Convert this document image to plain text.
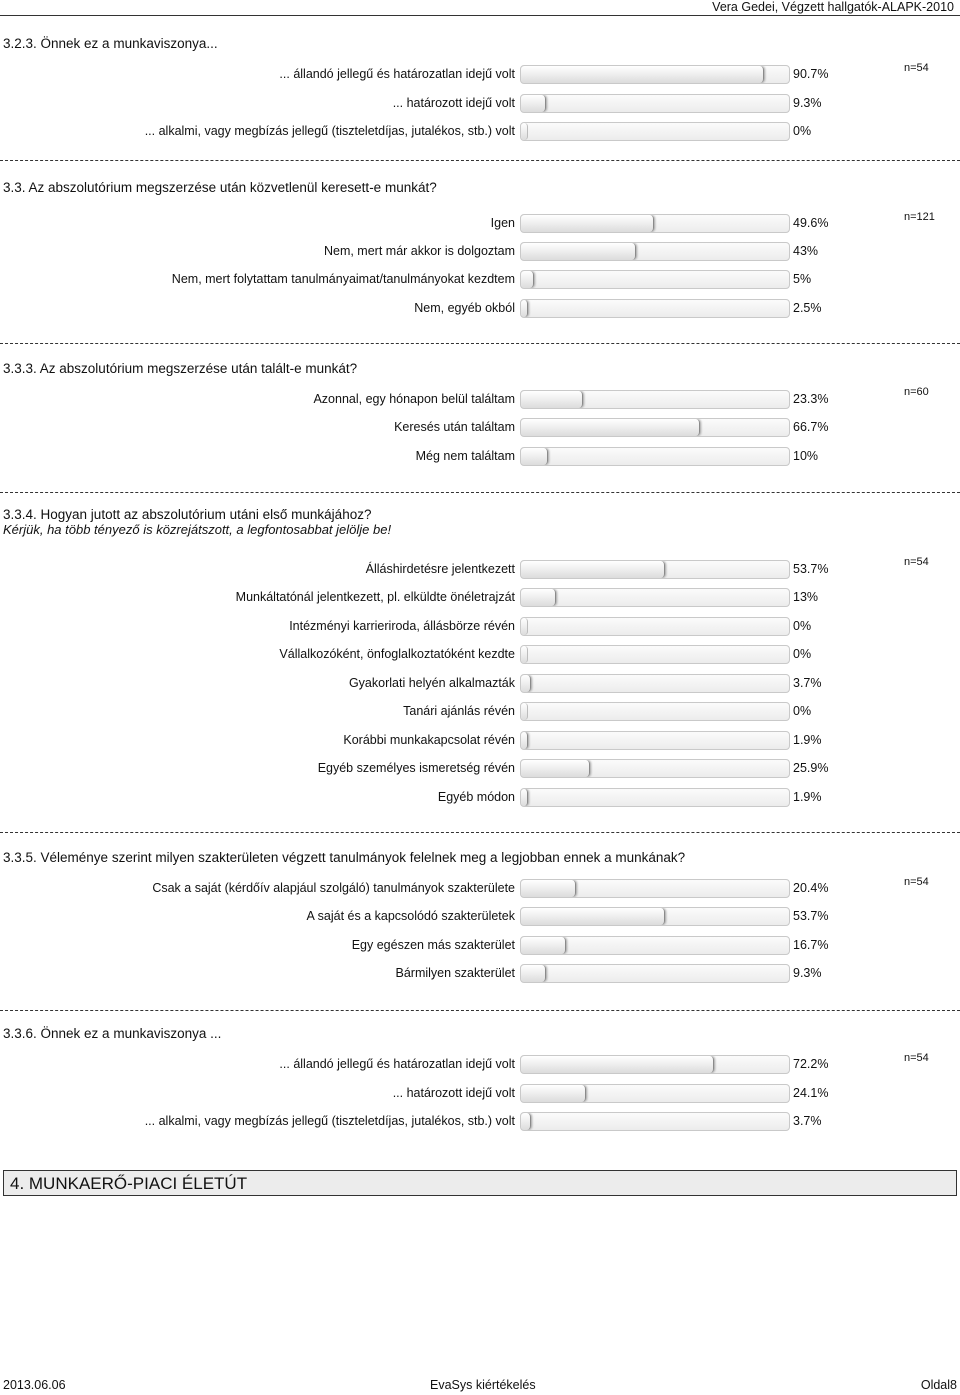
Vera Gedei, Végzett hallgatók-ALAPK-2010
3.2.3. Önnek ez a munkaviszonya...
n=54
... állandó jellegű és határozatlan idejű volt	90.7%
... határozott idejű volt	9.3%
... alkalmi, vagy megbízás jellegű (tiszteletdíjas, jutalékos, stb.) volt	0%
3.3. Az abszolutórium megszerzése után közvetlenül keresett-e munkát?
n=121
Igen	49.6%
Nem, mert már akkor is dolgoztam	43%
Nem, mert folytattam tanulmányaimat/tanulmányokat kezdtem	5%
Nem, egyéb okból	2.5%
3.3.3. Az abszolutórium megszerzése után talált-e munkát?
n=60
Azonnal, egy hónapon belül találtam	23.3%
Keresés után találtam	66.7%
Még nem találtam	10%
3.3.4. Hogyan jutott az abszolutórium utáni első munkájához?
Kérjük, ha több tényező is közrejátszott, a legfontosabbat jelölje be!
n=54
Álláshirdetésre jelentkezett	53.7%
Munkáltatónál jelentkezett, pl. elküldte önéletrajzát	13%
Intézményi karrieriroda, állásbörze révén	0%
Vállalkozóként, önfoglalkoztatóként kezdte	0%
Gyakorlati helyén alkalmazták	3.7%
Tanári ajánlás révén	0%
Korábbi munkakapcsolat révén	1.9%
Egyéb személyes ismeretség révén	25.9%
Egyéb módon	1.9%
3.3.5. Véleménye szerint milyen szakterületen végzett tanulmányok felelnek meg a legjobban ennek a munkának?
n=54
Csak a saját (kérdőív alapjául szolgáló) tanulmányok szakterülete	20.4%
A saját és a kapcsolódó szakterületek	53.7%
Egy egészen más szakterület	16.7%
Bármilyen szakterület	9.3%
3.3.6. Önnek ez a munkaviszonya ...
n=54
... állandó jellegű és határozatlan idejű volt	72.2%
... határozott idejű volt	24.1%
... alkalmi, vagy megbízás jellegű (tiszteletdíjas, jutalékos, stb.) volt	3.7%
4. MUNKAERŐ-PIACI ÉLETÚT
2013.06.06	EvaSys kiértékelés	Oldal8
